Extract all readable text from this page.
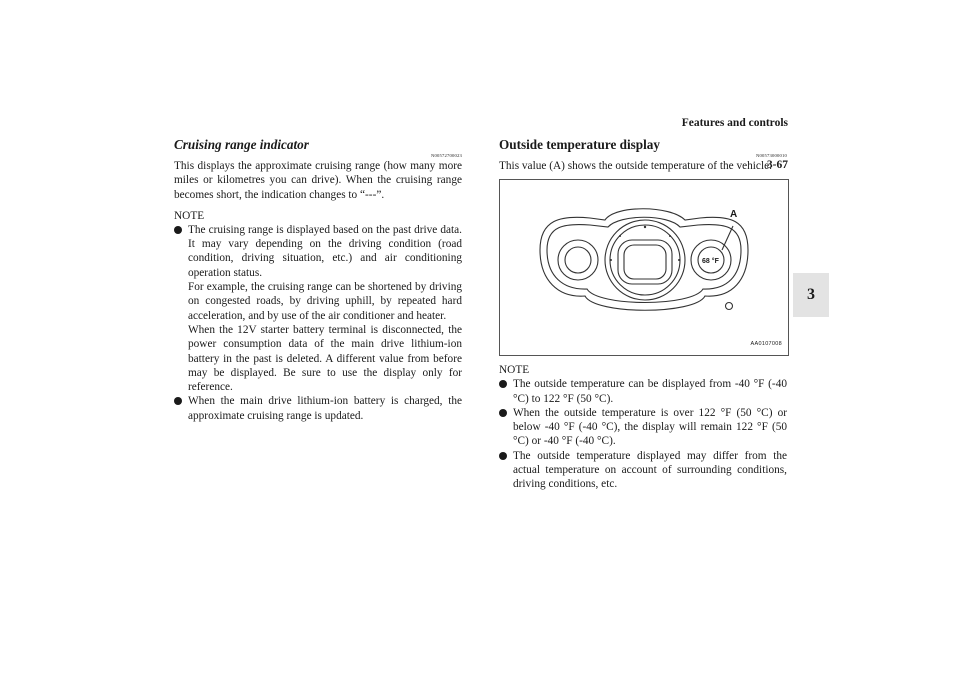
Features and controls
3-67
3
Cruising range indicator
N00572700023
This displays the approximate cruising range (how many more miles or kilometres you can drive). When the cruising range becomes short, the indication changes to “---”.
NOTE
The cruising range is displayed based on the past drive data. It may vary depending on the driving condition (road condition, driving situation, etc.) and air conditioning operation status.
For example, the cruising range can be shortened by driving on congested roads, by driving uphill, by repeated hard acceleration, and by use of the air conditioner and heater.
When the 12V starter battery terminal is disconnected, the power consumption data of the main drive lithium-ion battery in the past is deleted. A different value from before may be displayed. Be sure to use the display only for reference.
When the main drive lithium-ion battery is charged, the approximate cruising range is updated.
Outside temperature display
N00573000010
This value (A) shows the outside temperature of the vehicle.
A
68 °F
AA0107008
NOTE
The outside temperature can be displayed from -40 °F (-40 °C) to 122 °F (50 °C).
When the outside temperature is over 122 °F (50 °C) or below -40 °F (-40 °C), the display will remain 122 °F (50 °C) or -40 °F (-40 °C).
The outside temperature displayed may differ from the actual temperature on account of surrounding conditions, driving conditions, etc.
